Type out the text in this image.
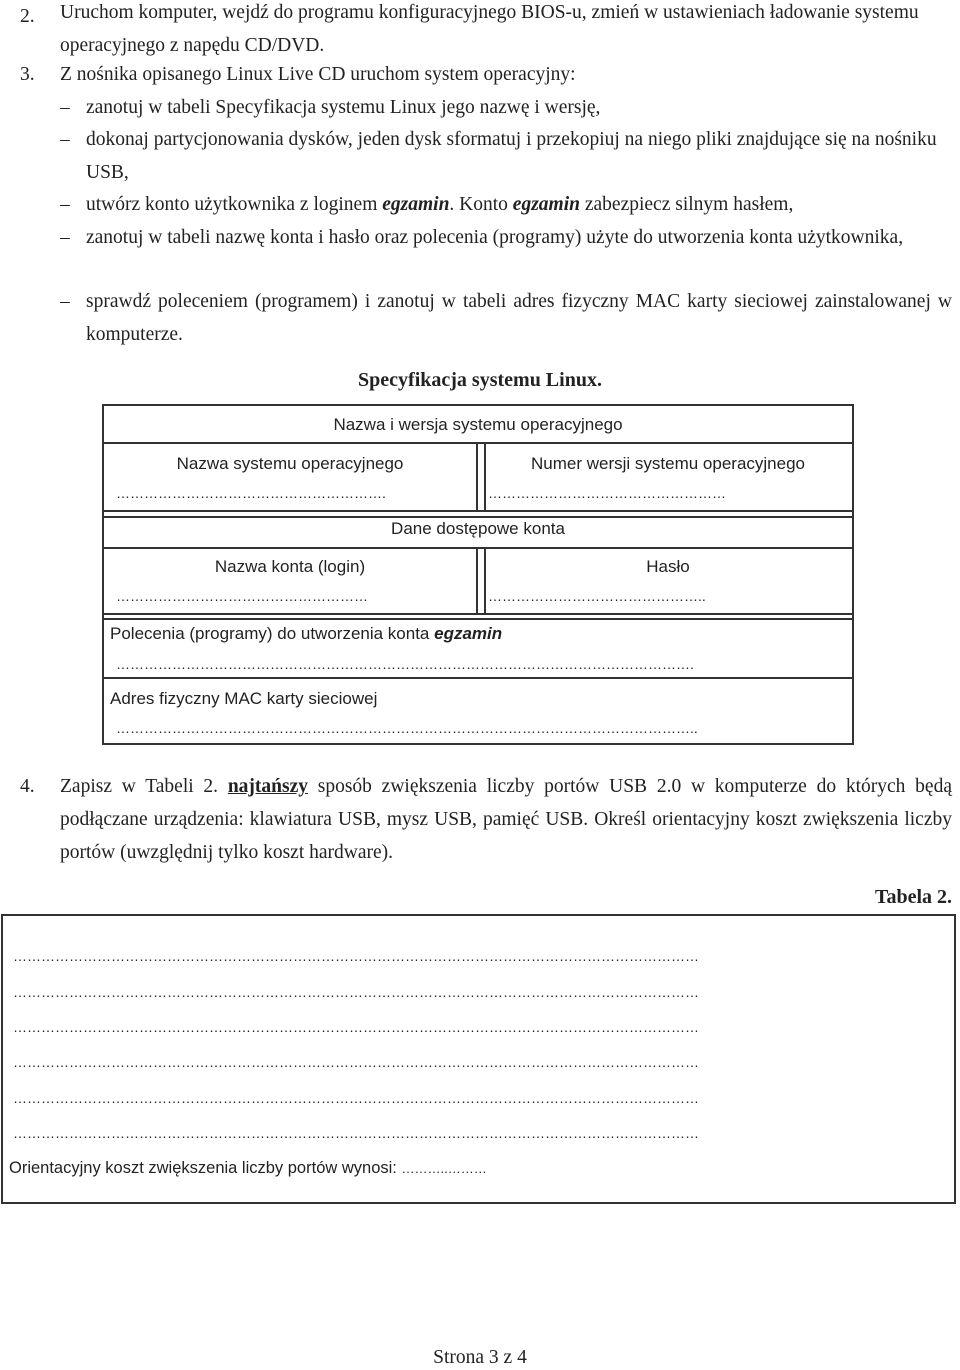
2. Uruchom komputer, wejdź do programu konfiguracyjnego BIOS-u, zmień w ustawieniach ładowanie systemu operacyjnego z napędu CD/DVD.
3. Z nośnika opisanego Linux Live CD uruchom system operacyjny:
– zanotuj w tabeli Specyfikacja systemu Linux jego nazwę i wersję,
– dokonaj partycjonowania dysków, jeden dysk sformatuj i przekopiuj na niego pliki znajdujące się na nośniku USB,
– utwórz konto użytkownika z loginem egzamin. Konto egzamin zabezpiecz silnym hasłem,
– zanotuj w tabeli nazwę konta i hasło oraz polecenia (programy) użyte do utworzenia konta użytkownika,
– sprawdź poleceniem (programem) i zanotuj w tabeli adres fizyczny MAC karty sieciowej zainstalowanej w komputerze.
Specyfikacja systemu Linux.
Nazwa i wersja systemu operacyjnego
Nazwa systemu operacyjnego
………………………………………………….
Numer wersji systemu operacyjnego
……………………………………………
Dane dostępowe konta
Nazwa konta (login)
………………………………………………
Hasło
………………………………………..
Polecenia (programy) do utworzenia konta egzamin
…………………………………………………………………………………………………………….
Adres fizyczny MAC karty sieciowej
……………………………………………………………………………………………………………..
4. Zapisz w Tabeli 2. najtańszy sposób zwiększenia liczby portów USB 2.0 w komputerze do których będą podłączane urządzenia: klawiatura USB, mysz USB, pamięć USB. Określ orientacyjny koszt zwiększenia liczby portów (uwzględnij tylko koszt hardware).
Tabela 2.
…………………………………………………………………………………………………………………………………
…………………………………………………………………………………………………………………………………
…………………………………………………………………………………………………………………………………
…………………………………………………………………………………………………………………………………
…………………………………………………………………………………………………………………………………
…………………………………………………………………………………………………………………………………
Orientacyjny koszt zwiększenia liczby portów wynosi: ………..………
Strona 3 z 4
